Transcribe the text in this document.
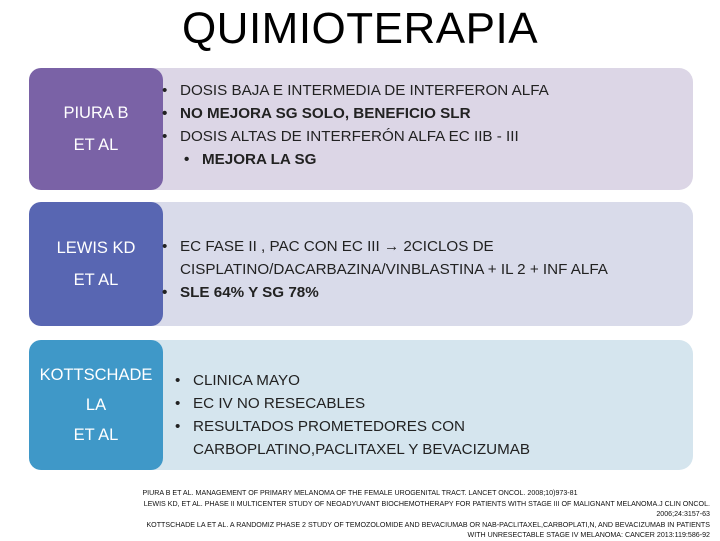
QUIMIOTERAPIA
PIURA B
ET AL
• DOSIS BAJA E INTERMEDIA DE INTERFERON ALFA
• NO MEJORA SG SOLO, BENEFICIO SLR
• DOSIS ALTAS DE INTERFERÓN ALFA EC IIB - III
• MEJORA LA SG
LEWIS KD
ET AL
• EC FASE II , PAC CON EC III → 2CICLOS DE CISPLATINO/DACARBAZINA/VINBLASTINA + IL 2 + INF ALFA
• SLE 64% Y SG 78%
KOTTSCHADE
LA
ET AL
• CLINICA MAYO
• EC IV NO RESECABLES
• RESULTADOS PROMETEDORES CON CARBOPLATINO,PACLITAXEL Y BEVACIZUMAB
PIURA B ET AL. MANAGEMENT OF PRIMARY MELANOMA OF THE FEMALE UROGENITAL TRACT. LANCET ONCOL. 2008;10)973-81
LEWIS KD, ET AL. PHASE II MULTICENTER STUDY OF NEOADYUVANT BIOCHEMOTHERAPY FOR PATIENTS WITH STAGE III OF MALIGNANT MELANOMA.J CLIN ONCOL.
2006;24:3157-63
KOTTSCHADE LA ET AL. A RANDOMIZ PHASE 2 STUDY OF TEMOZOLOMIDE AND BEVACIUMAB OR NAB-PACLITAXEL,CARBOPLATI,N, AND BEVACIZUMAB IN PATIENTS
WITH UNRESECTABLE STAGE IV MELANOMA: CANCER 2013:119:586-92
